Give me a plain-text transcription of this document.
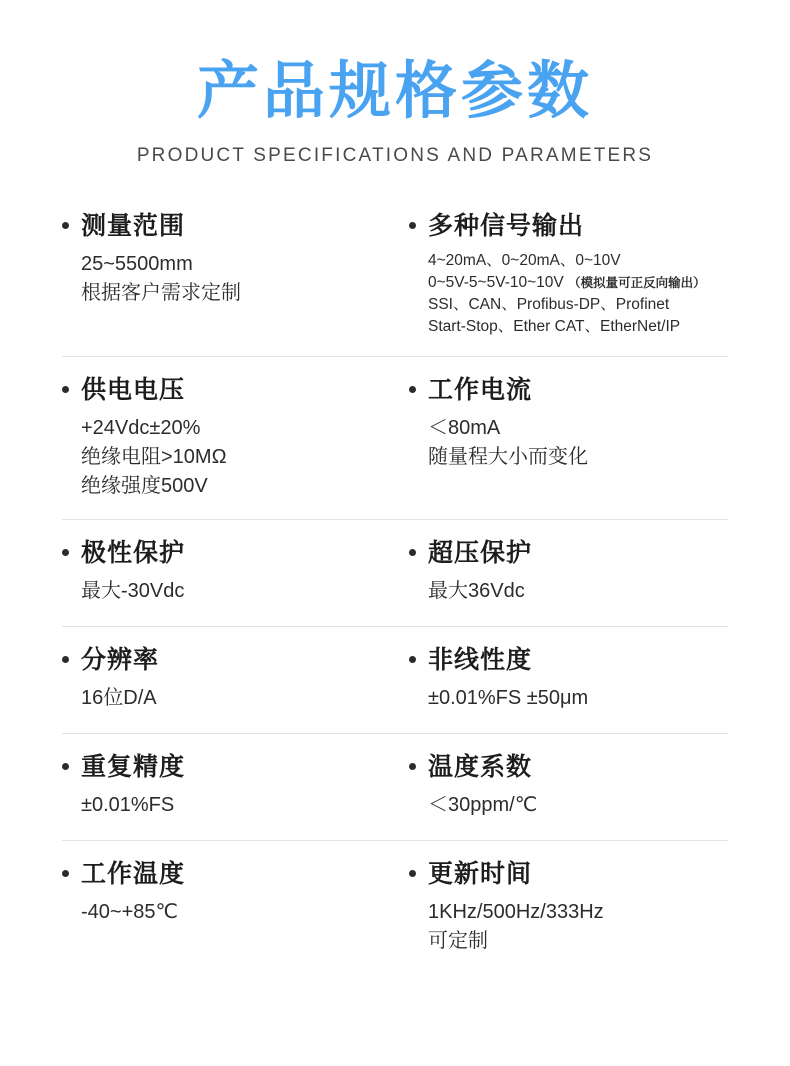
产品规格参数
PRODUCT SPECIFICATIONS AND PARAMETERS
测量范围
25~5500mm
根据客户需求定制
多种信号输出
4~20mA、0~20mA、0~10V
0~5V-5~5V-10~10V （模拟量可正反向输出）
SSI、CAN、Profibus-DP、Profinet
Start-Stop、Ether CAT、EtherNet/IP
供电电压
+24Vdc±20%
绝缘电阻>10MΩ
绝缘强度500V
工作电流
＜80mA
随量程大小而变化
极性保护
最大-30Vdc
超压保护
最大36Vdc
分辨率
16位D/A
非线性度
±0.01%FS ±50μm
重复精度
±0.01%FS
温度系数
＜30ppm/℃
工作温度
-40~+85℃
更新时间
1KHz/500Hz/333Hz
可定制
